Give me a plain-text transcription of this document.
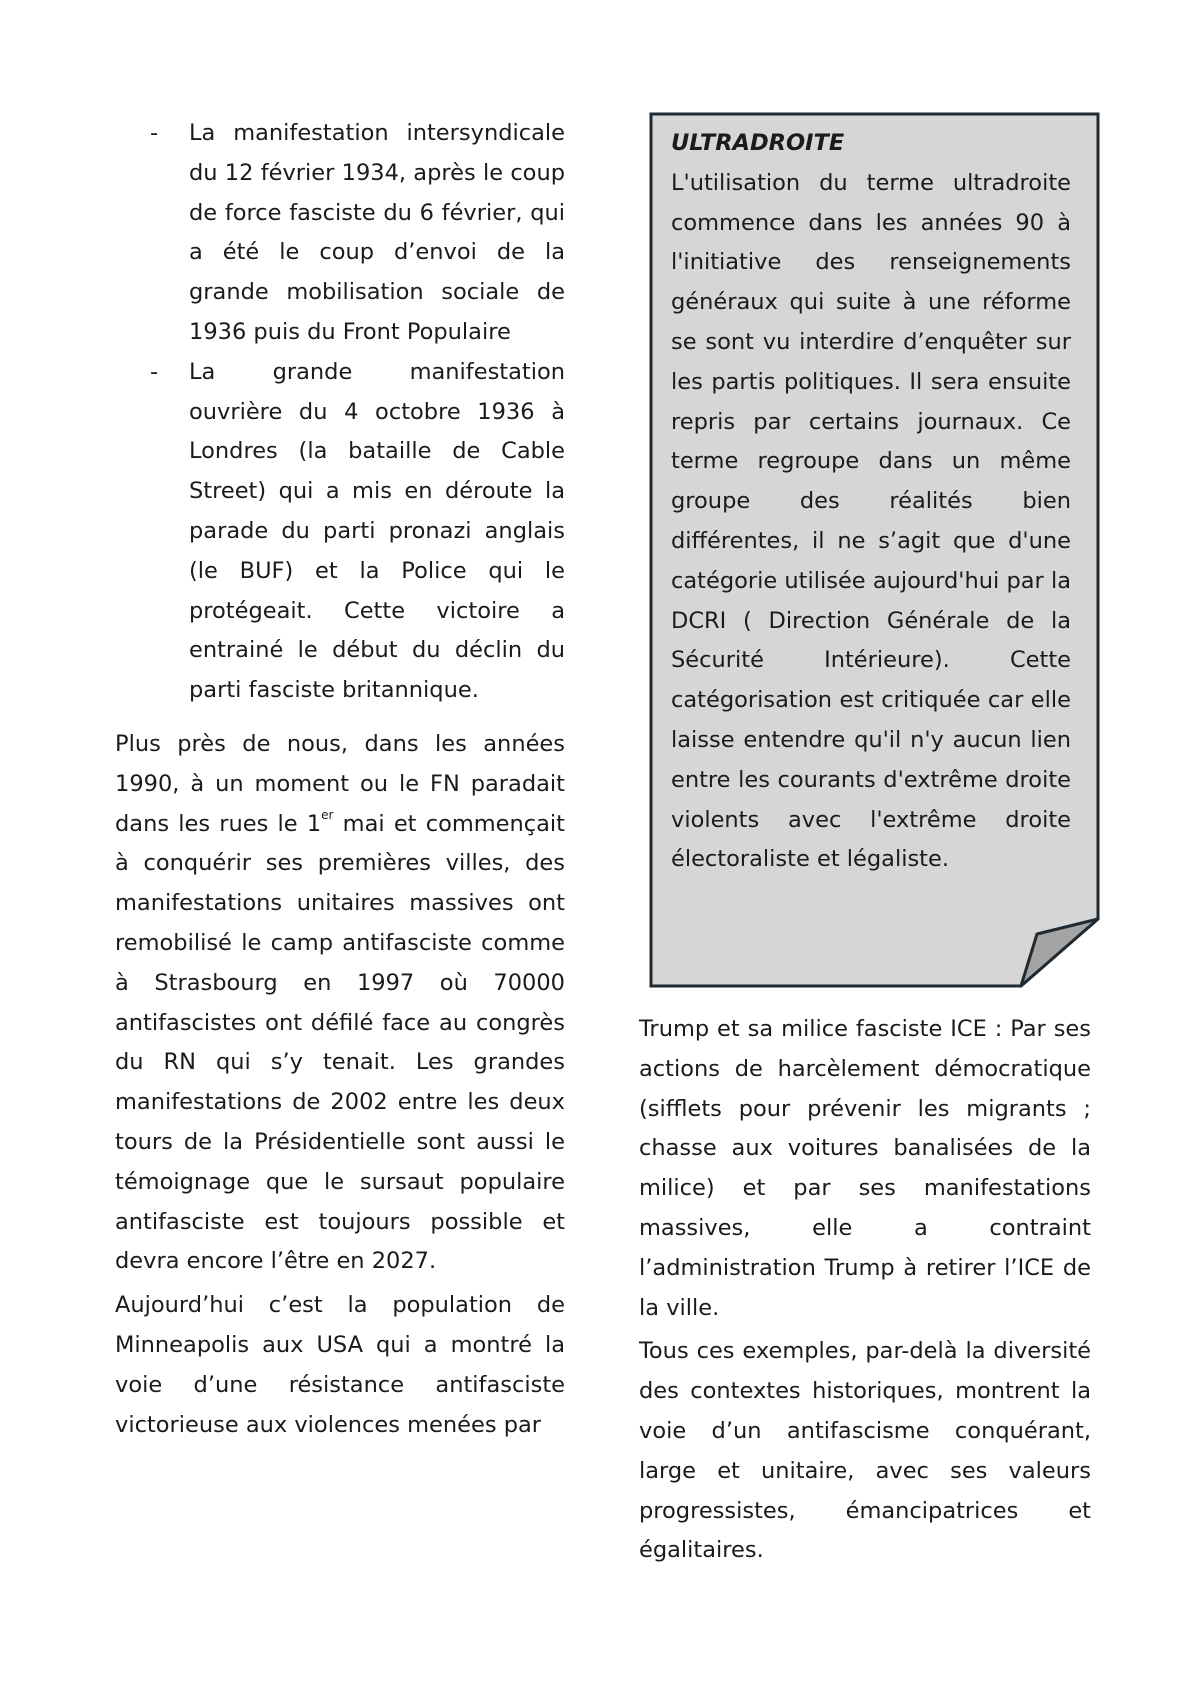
- La manifestation intersyndicale du 12 février 1934, après le coup de force fasciste du 6 février, qui a été le coup d’envoi de la grande mobilisation sociale de 1936 puis du Front Populaire
- La grande manifestation ouvrière du 4 octobre 1936 à Londres (la bataille de Cable Street) qui a mis en déroute la parade du parti pronazi anglais (le BUF) et la Police qui le protégeait. Cette victoire a entrainé le début du déclin du parti fasciste britannique.

Plus près de nous, dans les années 1990, à un moment ou le FN paradait dans les rues le 1er mai et commençait à conquérir ses premières villes, des manifestations unitaires massives ont remobilisé le camp antifasciste comme à Strasbourg en 1997 où 70000 antifascistes ont défilé face au congrès du RN qui s’y tenait. Les grandes manifestations de 2002 entre les deux tours de la Présidentielle sont aussi le témoignage que le sursaut populaire antifasciste est toujours possible et devra encore l’être en 2027.

Aujourd’hui c’est la population de Minneapolis aux USA qui a montré la voie d’une résistance antifasciste victorieuse aux violences menées par

ULTRADROITE

L'utilisation du terme ultradroite commence dans les années 90 à l'initiative des renseignements généraux qui suite à une réforme se sont vu interdire d’enquêter sur les partis politiques. Il sera ensuite repris par certains journaux. Ce terme regroupe dans un même groupe des réalités bien différentes, il ne s’agit que d'une catégorie utilisée aujourd'hui par la DCRI ( Direction Générale de la Sécurité Intérieure). Cette catégorisation est critiquée car elle laisse entendre qu'il n'y aucun lien entre les courants d'extrême droite violents avec l'extrême droite électoraliste et légaliste.

Trump et sa milice fasciste ICE : Par ses actions de harcèlement démocratique (sifflets pour prévenir les migrants ; chasse aux voitures banalisées de la milice) et par ses manifestations massives, elle a contraint l’administration Trump à retirer l’ICE de la ville.

Tous ces exemples, par-delà la diversité des contextes historiques, montrent la voie d’un antifascisme conquérant, large et unitaire, avec ses valeurs progressistes, émancipatrices et égalitaires.
